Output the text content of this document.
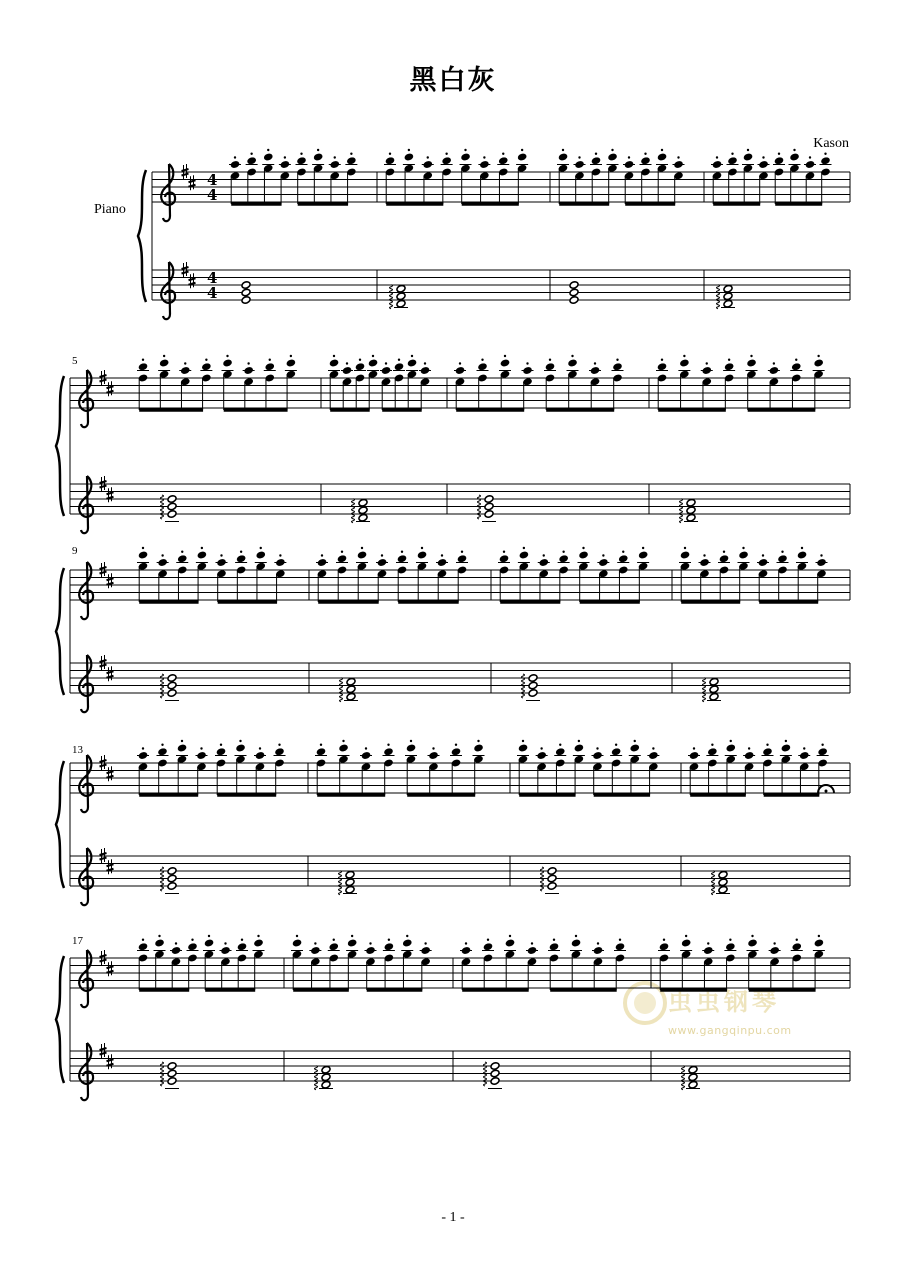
黑白灰
Kason
Piano
5
9
13
17
虫虫钢琴
www.gangqinpu.com
4
4
4
4
- 1 -
